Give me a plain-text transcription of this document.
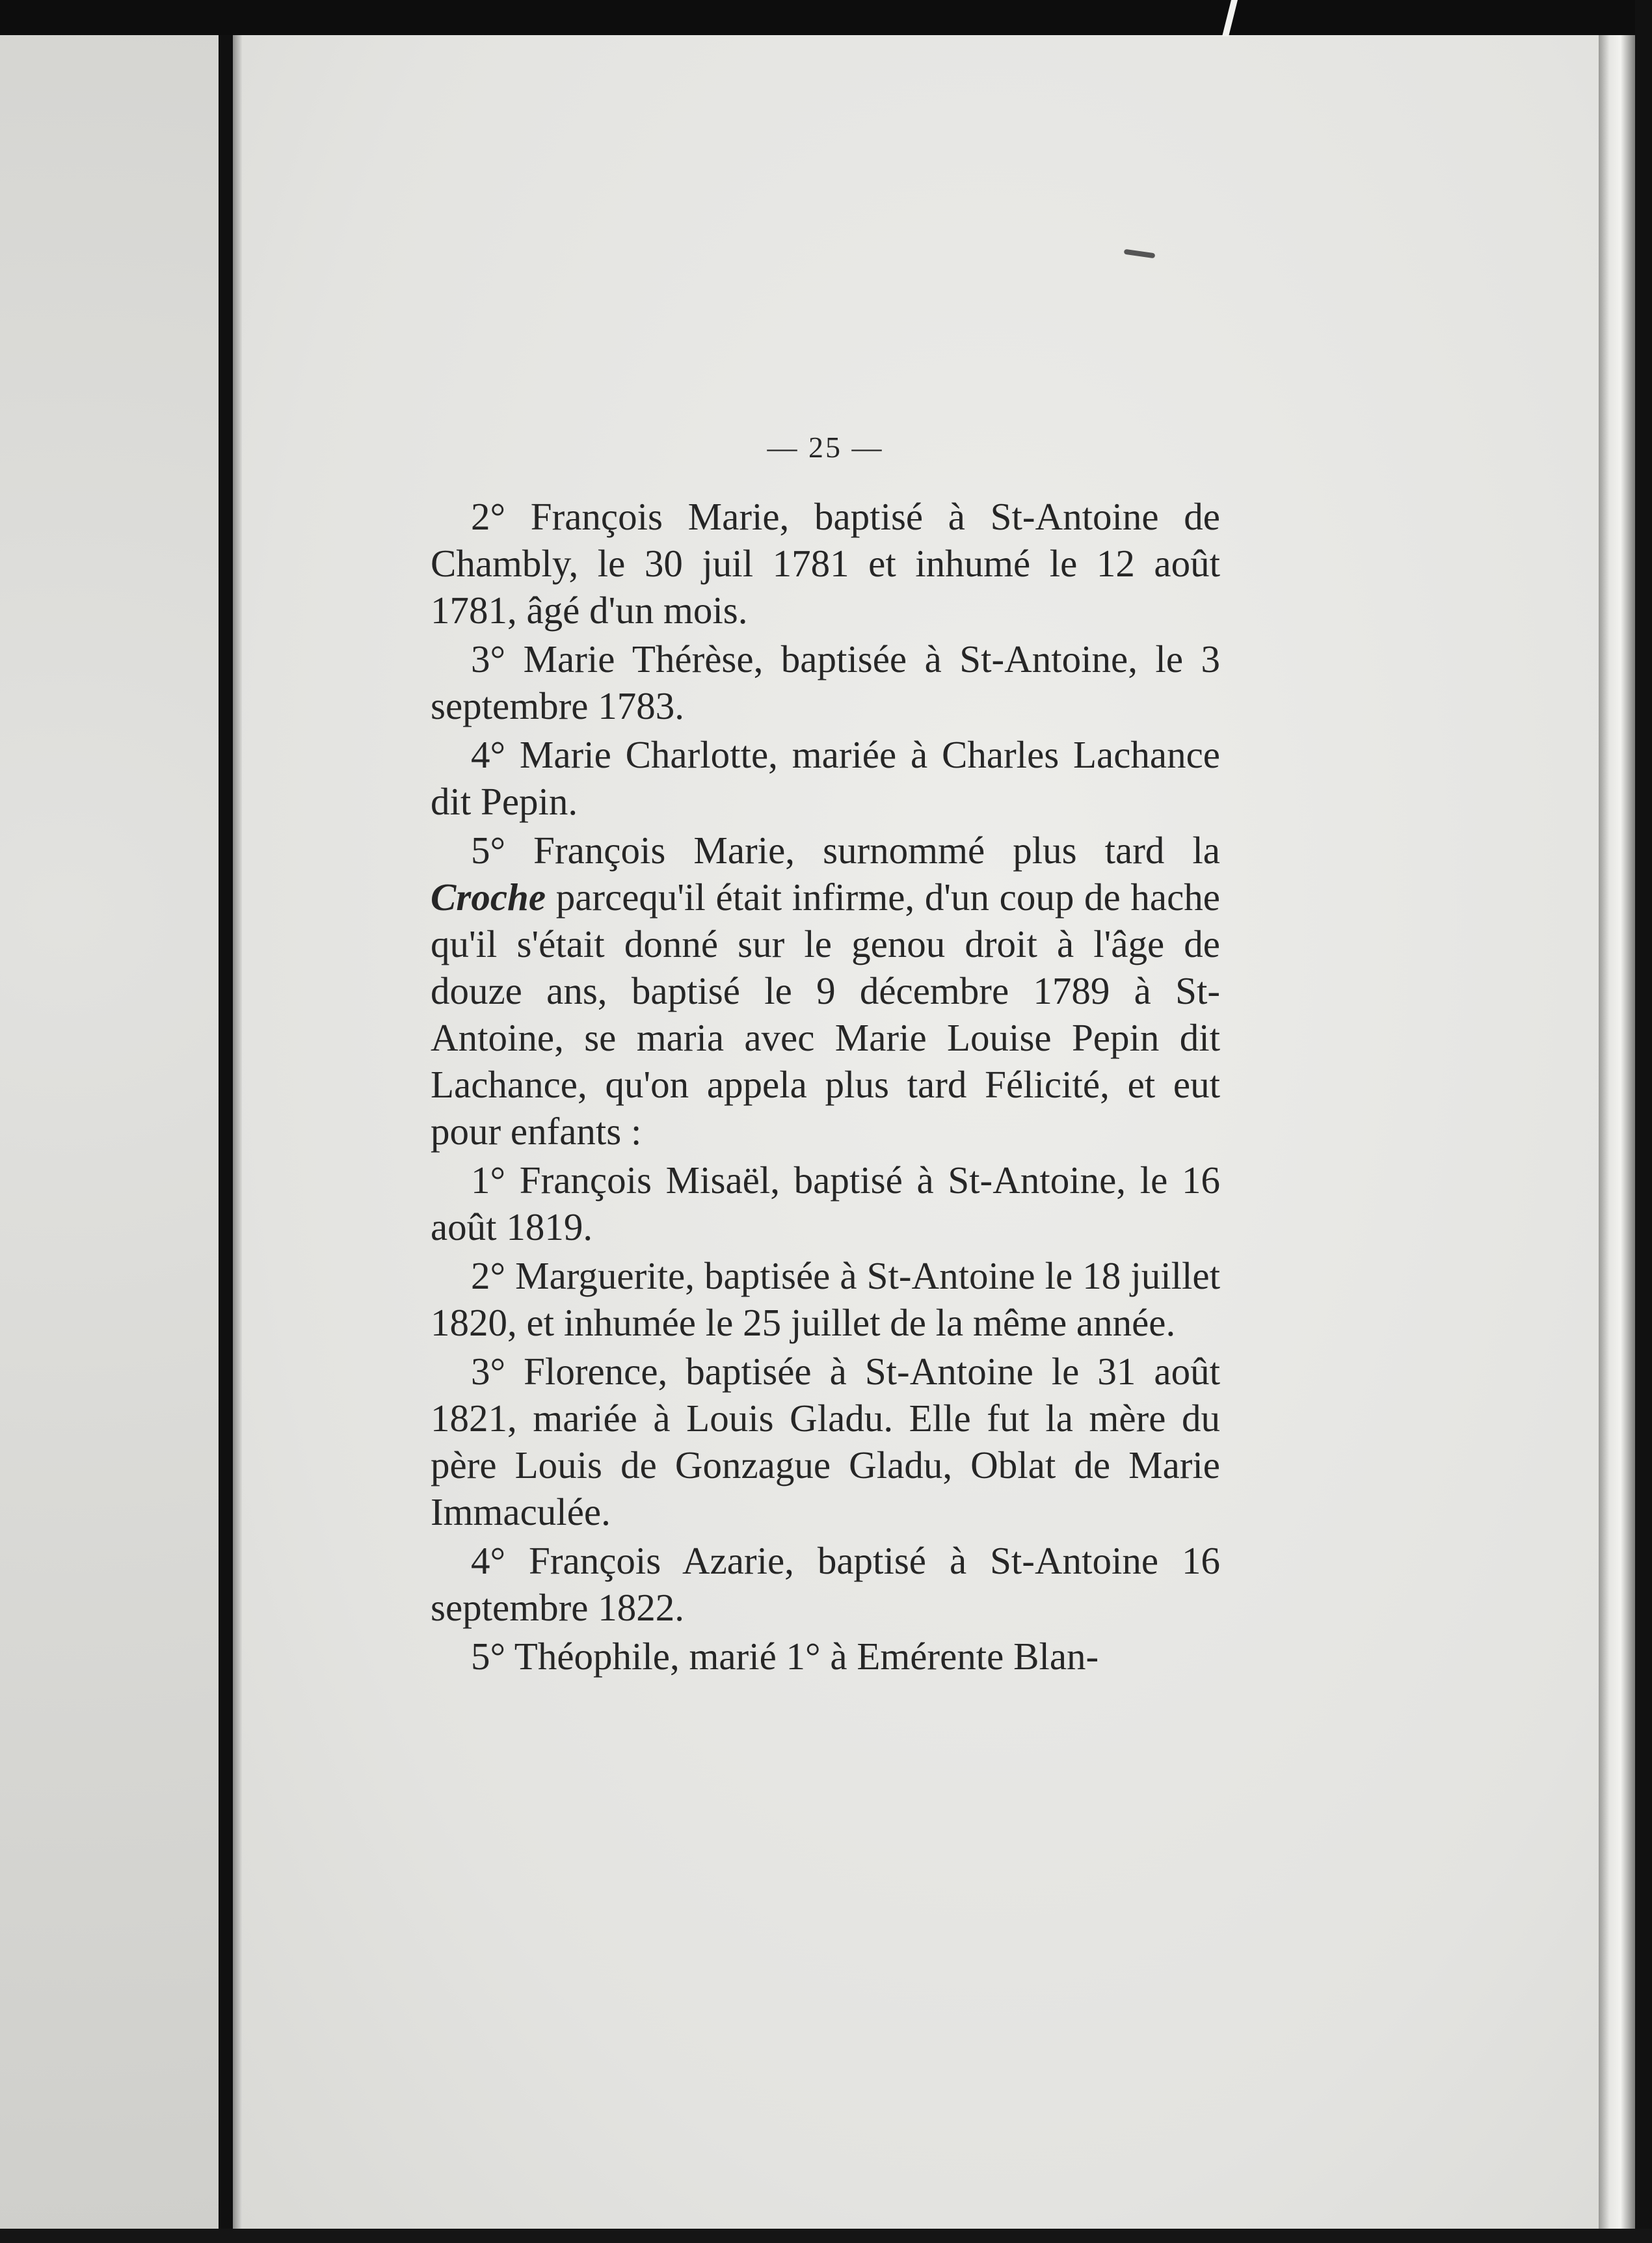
— 25 —

2° François Marie, baptisé à St-Antoine de Chambly, le 30 juil 1781 et inhumé le 12 août 1781, âgé d'un mois.

3° Marie Thérèse, baptisée à St-Antoine, le 3 septembre 1783.

4° Marie Charlotte, mariée à Charles Lachance dit Pepin.

5° François Marie, surnommé plus tard la Croche parcequ'il était infirme, d'un coup de hache qu'il s'était donné sur le genou droit à l'âge de douze ans, baptisé le 9 décembre 1789 à St-Antoine, se maria avec Marie Louise Pepin dit Lachance, qu'on appela plus tard Félicité, et eut pour enfants :

1° François Misaël, baptisé à St-Antoine, le 16 août 1819.

2° Marguerite, baptisée à St-Antoine le 18 juillet 1820, et inhumée le 25 juillet de la même année.

3° Florence, baptisée à St-Antoine le 31 août 1821, mariée à Louis Gladu. Elle fut la mère du père Louis de Gonzague Gladu, Oblat de Marie Immaculée.

4° François Azarie, baptisé à St-Antoine 16 septembre 1822.

5° Théophile, marié 1° à Emérente Blan-
